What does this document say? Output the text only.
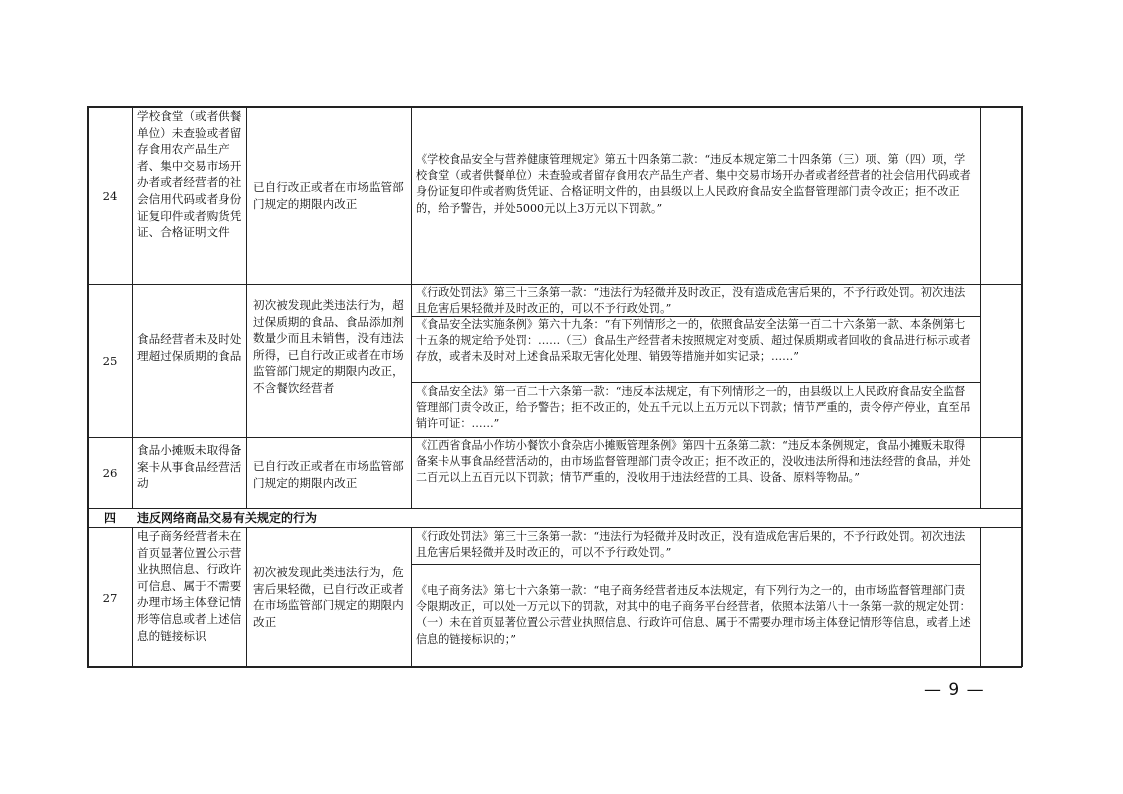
24
学校食堂（或者供餐单位）未查验或者留存食用农产品生产者、集中交易市场开办者或者经营者的社会信用代码或者身份证复印件或者购货凭证、合格证明文件
已自行改正或者在市场监管部门规定的期限内改正
《学校食品安全与营养健康管理规定》第五十四条第二款：“违反本规定第二十四条第（三）项、第（四）项，学校食堂（或者供餐单位）未查验或者留存食用农产品生产者、集中交易市场开办者或者经营者的社会信用代码或者身份证复印件或者购货凭证、合格证明文件的，由县级以上人民政府食品安全监督管理部门责令改正；拒不改正的，给予警告，并处5000元以上3万元以下罚款。”
25
食品经营者未及时处理超过保质期的食品
初次被发现此类违法行为，超过保质期的食品、食品添加剂数量少而且未销售，没有违法所得，已自行改正或者在市场监管部门规定的期限内改正，不含餐饮经营者
《行政处罚法》第三十三条第一款：“违法行为轻微并及时改正，没有造成危害后果的，不予行政处罚。初次违法且危害后果轻微并及时改正的，可以不予行政处罚。”
《食品安全法实施条例》第六十九条：“有下列情形之一的，依照食品安全法第一百二十六条第一款、本条例第七十五条的规定给予处罚：……（三）食品生产经营者未按照规定对变质、超过保质期或者回收的食品进行标示或者存放，或者未及时对上述食品采取无害化处理、销毁等措施并如实记录；……”
《食品安全法》第一百二十六条第一款：“违反本法规定，有下列情形之一的，由县级以上人民政府食品安全监督管理部门责令改正，给予警告；拒不改正的，处五千元以上五万元以下罚款；情节严重的，责令停产停业，直至吊销许可证：……”
26
食品小摊贩未取得备案卡从事食品经营活动
已自行改正或者在市场监管部门规定的期限内改正
《江西省食品小作坊小餐饮小食杂店小摊贩管理条例》第四十五条第二款：“违反本条例规定，食品小摊贩未取得备案卡从事食品经营活动的，由市场监督管理部门责令改正；拒不改正的，没收违法所得和违法经营的食品，并处二百元以上五百元以下罚款；情节严重的，没收用于违法经营的工具、设备、原料等物品。”
四	违反网络商品交易有关规定的行为
27
电子商务经营者未在首页显著位置公示营业执照信息、行政许可信息、属于不需要办理市场主体登记情形等信息或者上述信息的链接标识
初次被发现此类违法行为，危害后果轻微，已自行改正或者在市场监管部门规定的期限内改正
《行政处罚法》第三十三条第一款：“违法行为轻微并及时改正，没有造成危害后果的，不予行政处罚。初次违法且危害后果轻微并及时改正的，可以不予行政处罚。”
《电子商务法》第七十六条第一款：“电子商务经营者违反本法规定，有下列行为之一的，由市场监督管理部门责令限期改正，可以处一万元以下的罚款，对其中的电子商务平台经营者，依照本法第八十一条第一款的规定处罚：（一）未在首页显著位置公示营业执照信息、行政许可信息、属于不需要办理市场主体登记情形等信息，或者上述信息的链接标识的；”
— 9 —
